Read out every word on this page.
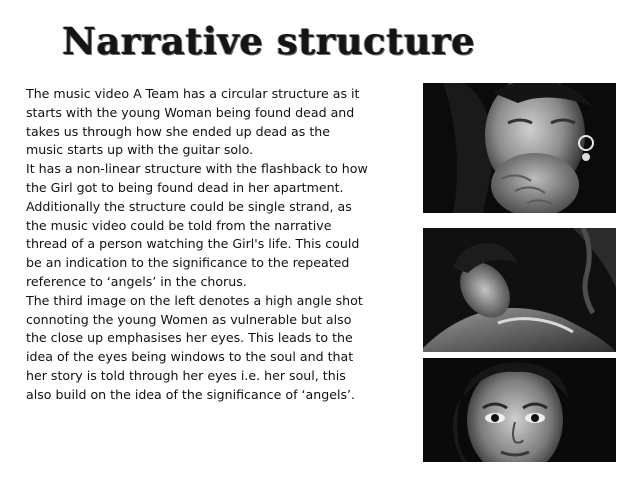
Narrative structure

The music video A Team has a circular structure as it starts with the young Woman being found dead and takes us through how she ended up dead as the music starts up with the guitar solo.

It has a non-linear structure with the flashback to how the Girl got to being found dead in her apartment.

Additionally the structure could be single strand, as the music video could be told from the narrative thread of a person watching the Girl's life. This could be an indication to the significance to the repeated reference to ‘angels’ in the chorus.

The third image on the left denotes a high angle shot connoting the young Women as vulnerable but also the close up emphasises her eyes. This leads to the idea of the eyes being windows to the soul and that her story is told through her eyes i.e. her soul, this also build on the idea of the significance of ‘angels’.
